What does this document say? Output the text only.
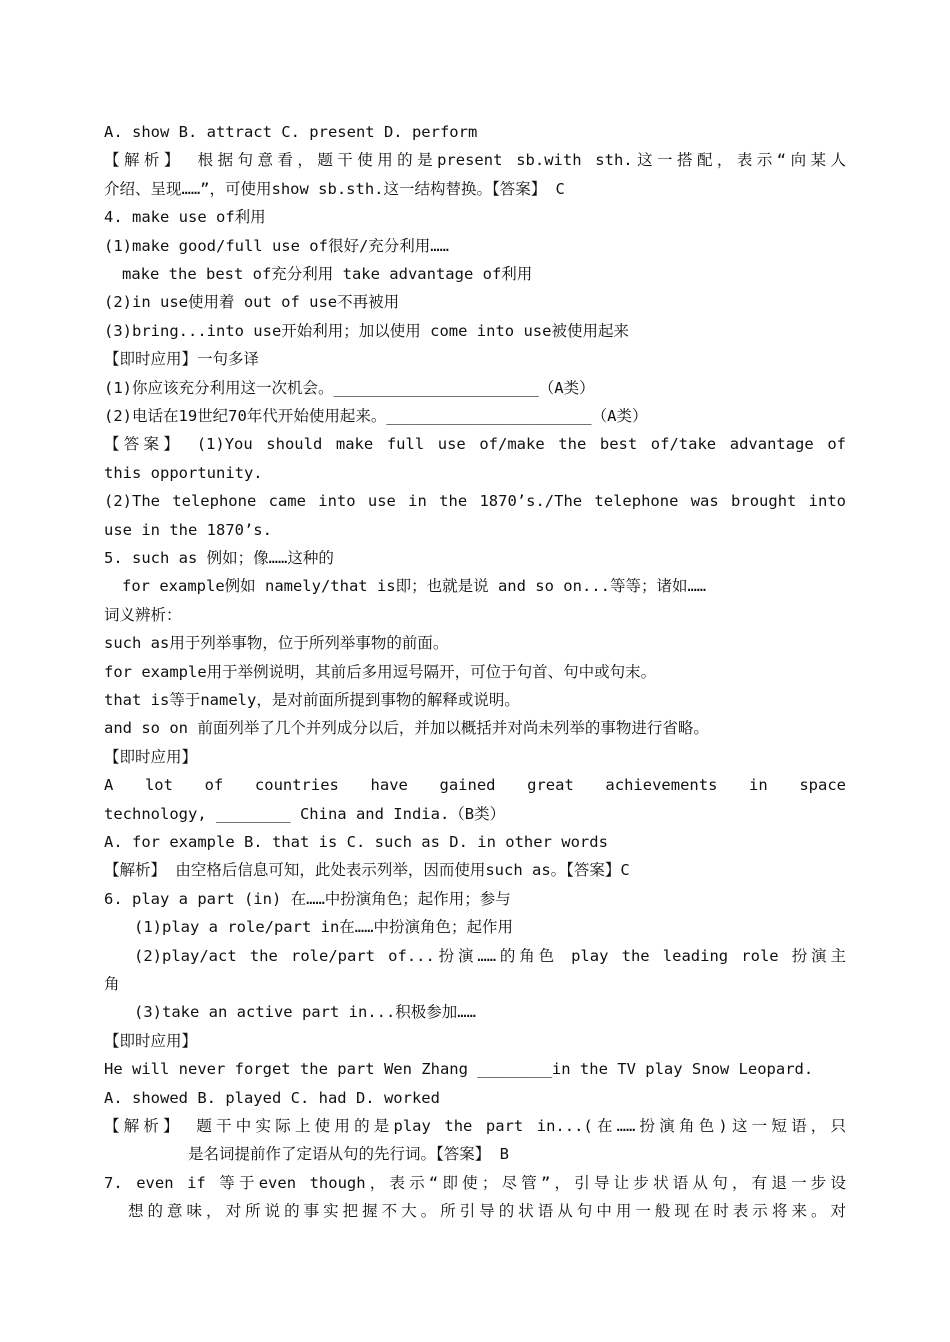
A. show B. attract C. present D. perform
【解析】 根据句意看，题干使用的是present sb.with sth.这一搭配，表示“向某人
介绍、呈现……”，可使用show sb.sth.这一结构替换。【答案】 C
4. make use of利用
(1)make good/full use of很好/充分利用……
make the best of充分利用 take advantage of利用
(2)in use使用着 out of use不再被用
(3)bring...into use开始利用；加以使用 come into use被使用起来
【即时应用】一句多译
(1)你应该充分利用这一次机会。______________________（A类）
(2)电话在19世纪70年代开始使用起来。______________________（A类）
【答案】 (1)You should make full use of/make the best of/take advantage of
this opportunity.
(2)The telephone came into use in the 1870’s./The telephone was brought into
use in the 1870’s.
5. such as 例如；像……这种的
for example例如 namely/that is即；也就是说 and so on...等等；诸如……
词义辨析：
such as用于列举事物，位于所列举事物的前面。
for example用于举例说明，其前后多用逗号隔开，可位于句首、句中或句末。
that is等于namely，是对前面所提到事物的解释或说明。
and so on 前面列举了几个并列成分以后，并加以概括并对尚未列举的事物进行省略。
【即时应用】
A lot of countries have gained great achievements in space
technology, ________ China and India.（B类）
A. for example B. that is C. such as D. in other words
【解析】 由空格后信息可知，此处表示列举，因而使用such as。【答案】C
6. play a part (in) 在……中扮演角色；起作用；参与
(1)play a role/part in在……中扮演角色；起作用
(2)play/act the role/part of...扮演……的角色 play the leading role 扮演主
角
(3)take an active part in...积极参加……
【即时应用】
He will never forget the part Wen Zhang ________in the TV play Snow Leopard.
A. showed B. played C. had D. worked
【解析】 题干中实际上使用的是play the part in...(在……扮演角色)这一短语，只
是名词提前作了定语从句的先行词。【答案】 B
7. even if 等于even though，表示“即使；尽管”，引导让步状语从句，有退一步设
想的意味，对所说的事实把握不大。所引导的状语从句中用一般现在时表示将来。对
